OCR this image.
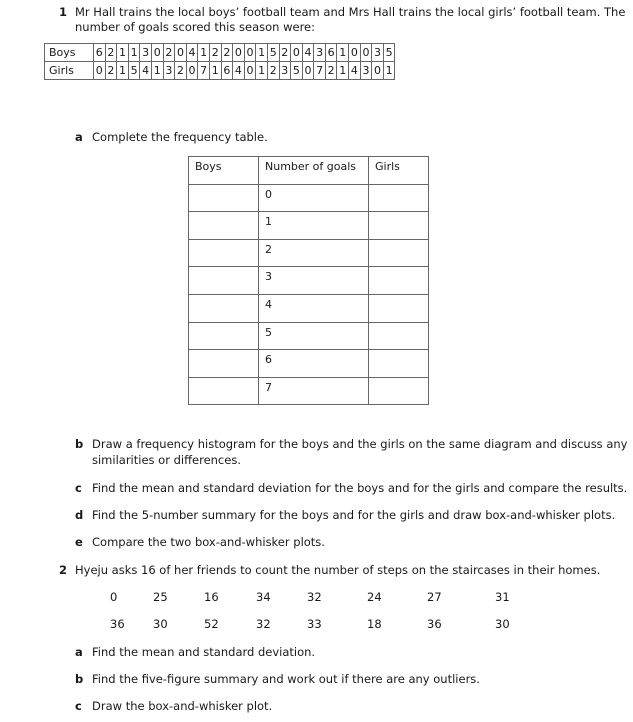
1 Mr Hall trains the local boys’ football team and Mrs Hall trains the local girls’ football team. The
number of goals scored this season were:
Boys	6	2	1	1	3	0	2	0	4	1	2	2	0	0	1	5	2	0	4	3	6	1	0	0	3	5
Girls	0	2	1	5	4	1	3	2	0	7	1	6	4	0	1	2	3	5	0	7	2	1	4	3	0	1
a Complete the frequency table.
Boys	Number of goals	Girls
	0	
	1	
	2	
	3	
	4	
	5	
	6	
	7	
b Draw a frequency histogram for the boys and the girls on the same diagram and discuss any
similarities or differences.
c Find the mean and standard deviation for the boys and for the girls and compare the results.
d Find the 5-number summary for the boys and for the girls and draw box-and-whisker plots.
e Compare the two box-and-whisker plots.
2 Hyeju asks 16 of her friends to count the number of steps on the staircases in their homes.
0	25	16	34	32	24	27	31
36 30	52	32	33	18	36	30
a Find the mean and standard deviation.
b Find the five-figure summary and work out if there are any outliers.
c Draw the box-and-whisker plot.
